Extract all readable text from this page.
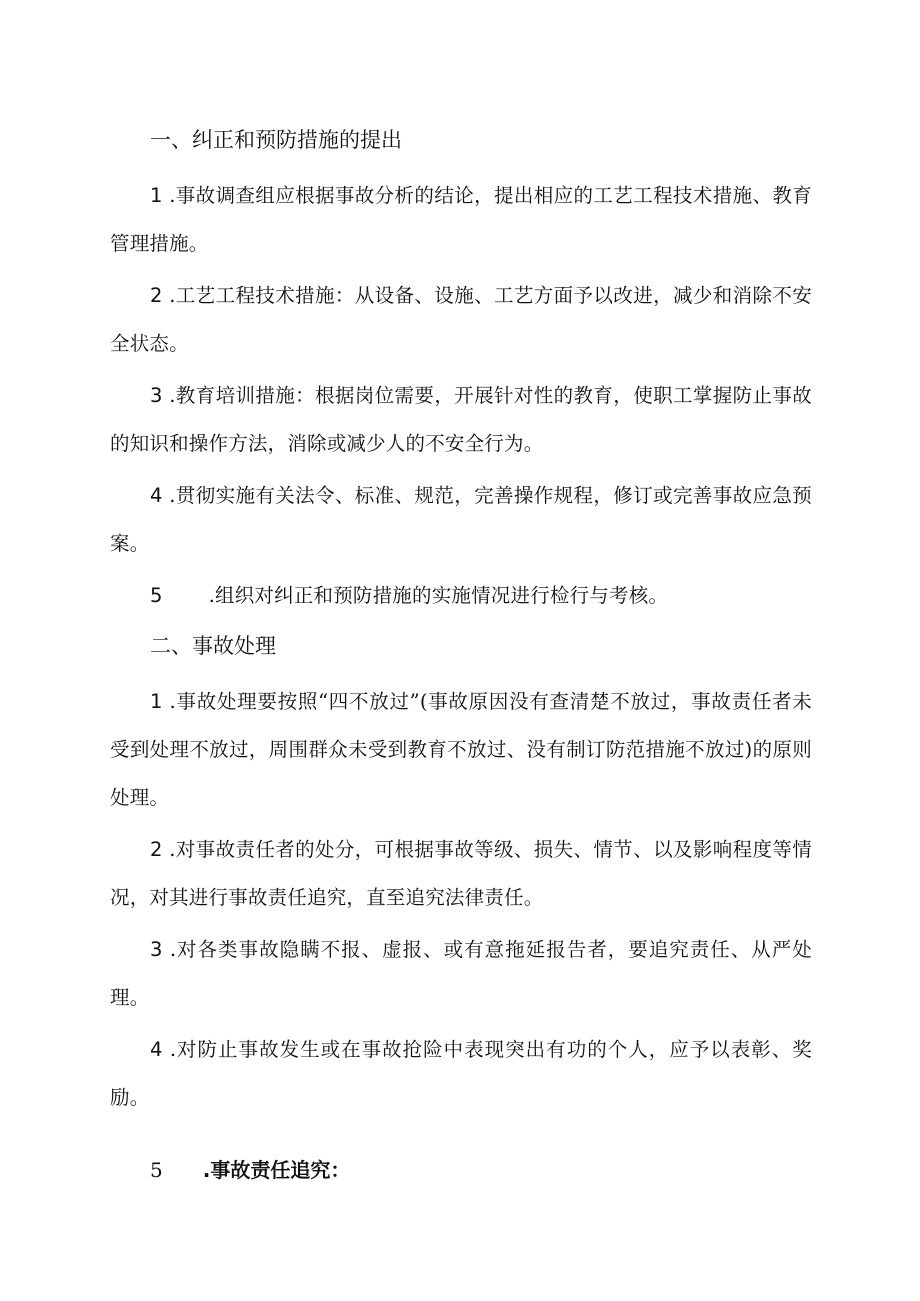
一、纠正和预防措施的提出

1 .事故调查组应根据事故分析的结论，提出相应的工艺工程技术措施、教育管理措施。

2 .工艺工程技术措施：从设备、设施、工艺方面予以改进，减少和消除不安全状态。

3 .教育培训措施：根据岗位需要，开展针对性的教育，使职工掌握防止事故的知识和操作方法，消除或减少人的不安全行为。

4 .贯彻实施有关法令、标准、规范，完善操作规程，修订或完善事故应急预案。

5 .组织对纠正和预防措施的实施情况进行检行与考核。

二、事故处理

1 .事故处理要按照“四不放过”(事故原因没有查清楚不放过，事故责任者未受到处理不放过，周围群众未受到教育不放过、没有制订防范措施不放过)的原则处理。

2 .对事故责任者的处分，可根据事故等级、损失、情节、以及影响程度等情况，对其进行事故责任追究，直至追究法律责任。

3 .对各类事故隐瞒不报、虚报、或有意拖延报告者，要追究责任、从严处理。

4 .对防止事故发生或在事故抢险中表现突出有功的个人，应予以表彰、奖励。

5 .事故责任追究：
